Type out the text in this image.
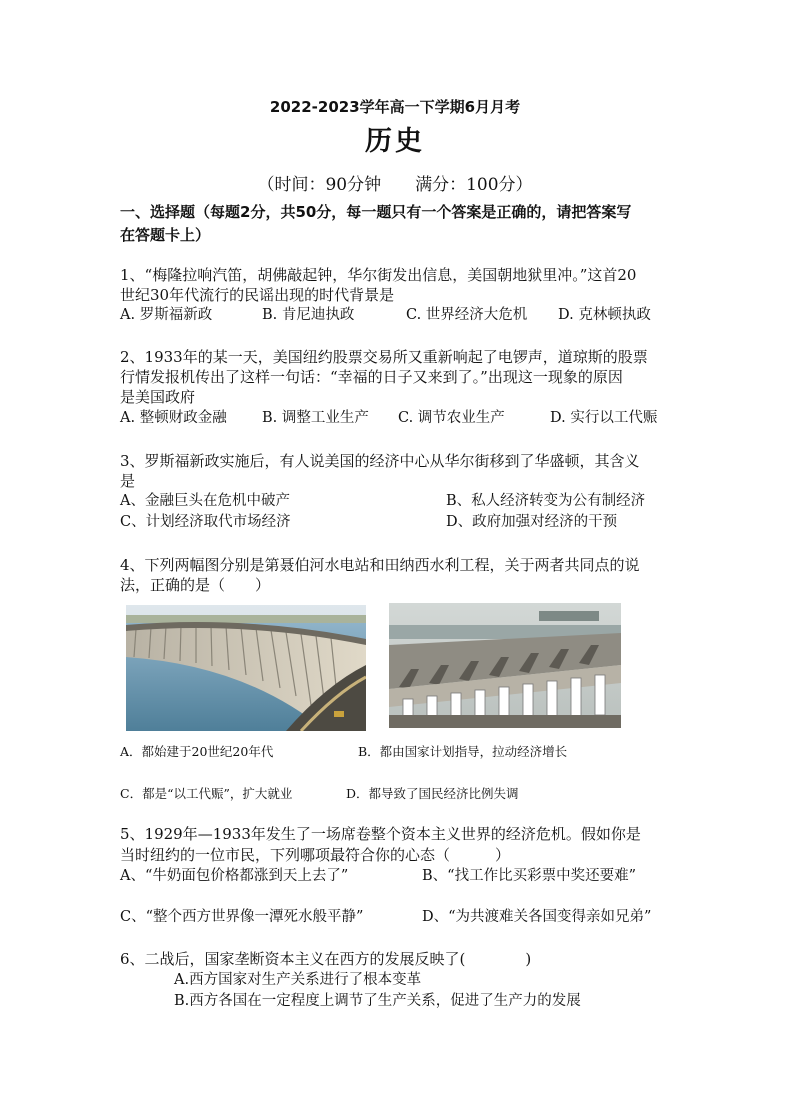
2022-2023学年高一下学期6月月考
历史
（时间：90分钟　　满分：100分）
一、选择题（每题2分，共50分，每一题只有一个答案是正确的，请把答案写
在答题卡上）
1、“梅隆拉响汽笛，胡佛敲起钟，华尔街发出信息，美国朝地狱里冲。”这首20
世纪30年代流行的民谣出现的时代背景是
A. 罗斯福新政	B. 肯尼迪执政	C. 世界经济大危机 D. 克林顿执政
2、1933年的某一天，美国纽约股票交易所又重新响起了电锣声，道琼斯的股票
行情发报机传出了这样一句话：“幸福的日子又来到了。”出现这一现象的原因
是美国政府
A. 整顿财政金融 B. 调整工业生产 C. 调节农业生产	D. 实行以工代赈
3、罗斯福新政实施后，有人说美国的经济中心从华尔街移到了华盛顿，其含义
是
A、金融巨头在危机中破产	B、私人经济转变为公有制经济
C、计划经济取代市场经济	D、政府加强对经济的干预
4、下列两幅图分别是第聂伯河水电站和田纳西水利工程，关于两者共同点的说
法，正确的是（　　）
A．都始建于20世纪20年代	B．都由国家计划指导，拉动经济增长
C．都是“以工代赈”，扩大就业	D．都导致了国民经济比例失调
5、1929年—1933年发生了一场席卷整个资本主义世界的经济危机。假如你是
当时纽约的一位市民，下列哪项最符合你的心态（　　　）
A、“牛奶面包价格都涨到天上去了”	B、“找工作比买彩票中奖还要难”
C、“整个西方世界像一潭死水般平静”	D、“为共渡难关各国变得亲如兄弟”
6、二战后，国家垄断资本主义在西方的发展反映了(　　　　)
A.西方国家对生产关系进行了根本变革
B.西方各国在一定程度上调节了生产关系，促进了生产力的发展
